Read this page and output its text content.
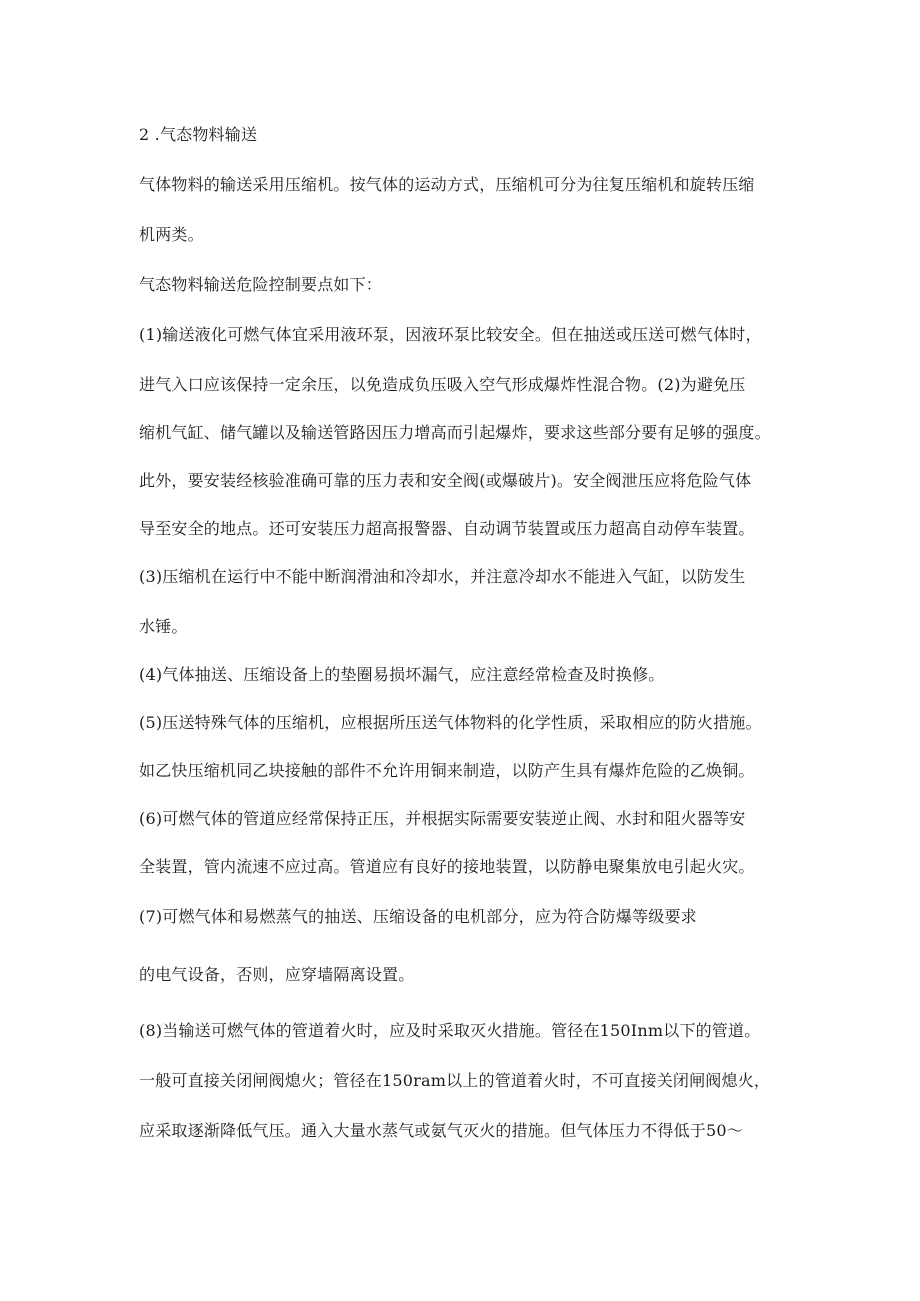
2 .气态物料输送
气体物料的输送采用压缩机。按气体的运动方式，压缩机可分为往复压缩机和旋转压缩
机两类。
气态物料输送危险控制要点如下：
(1)输送液化可燃气体宜采用液环泵，因液环泵比较安全。但在抽送或压送可燃气体时，
进气入口应该保持一定余压，以免造成负压吸入空气形成爆炸性混合物。(2)为避免压
缩机气缸、储气罐以及输送管路因压力增高而引起爆炸，要求这些部分要有足够的强度。
此外，要安装经核验准确可靠的压力表和安全阀(或爆破片)。安全阀泄压应将危险气体
导至安全的地点。还可安装压力超高报警器、自动调节装置或压力超高自动停车装置。
(3)压缩机在运行中不能中断润滑油和冷却水，并注意冷却水不能进入气缸，以防发生
水锤。
(4)气体抽送、压缩设备上的垫圈易损坏漏气，应注意经常检查及时换修。
(5)压送特殊气体的压缩机，应根据所压送气体物料的化学性质，采取相应的防火措施。
如乙快压缩机同乙块接触的部件不允许用铜来制造，以防产生具有爆炸危险的乙焕铜。
(6)可燃气体的管道应经常保持正压，并根据实际需要安装逆止阀、水封和阻火器等安
全装置，管内流速不应过高。管道应有良好的接地装置，以防静电聚集放电引起火灾。
(7)可燃气体和易燃蒸气的抽送、压缩设备的电机部分，应为符合防爆等级要求
的电气设备，否则，应穿墙隔离设置。
(8)当输送可燃气体的管道着火时，应及时采取灭火措施。管径在150Inm以下的管道。
一般可直接关闭闸阀熄火；管径在150ram以上的管道着火时，不可直接关闭闸阀熄火，
应采取逐渐降低气压。通入大量水蒸气或氨气灭火的措施。但气体压力不得低于50～
